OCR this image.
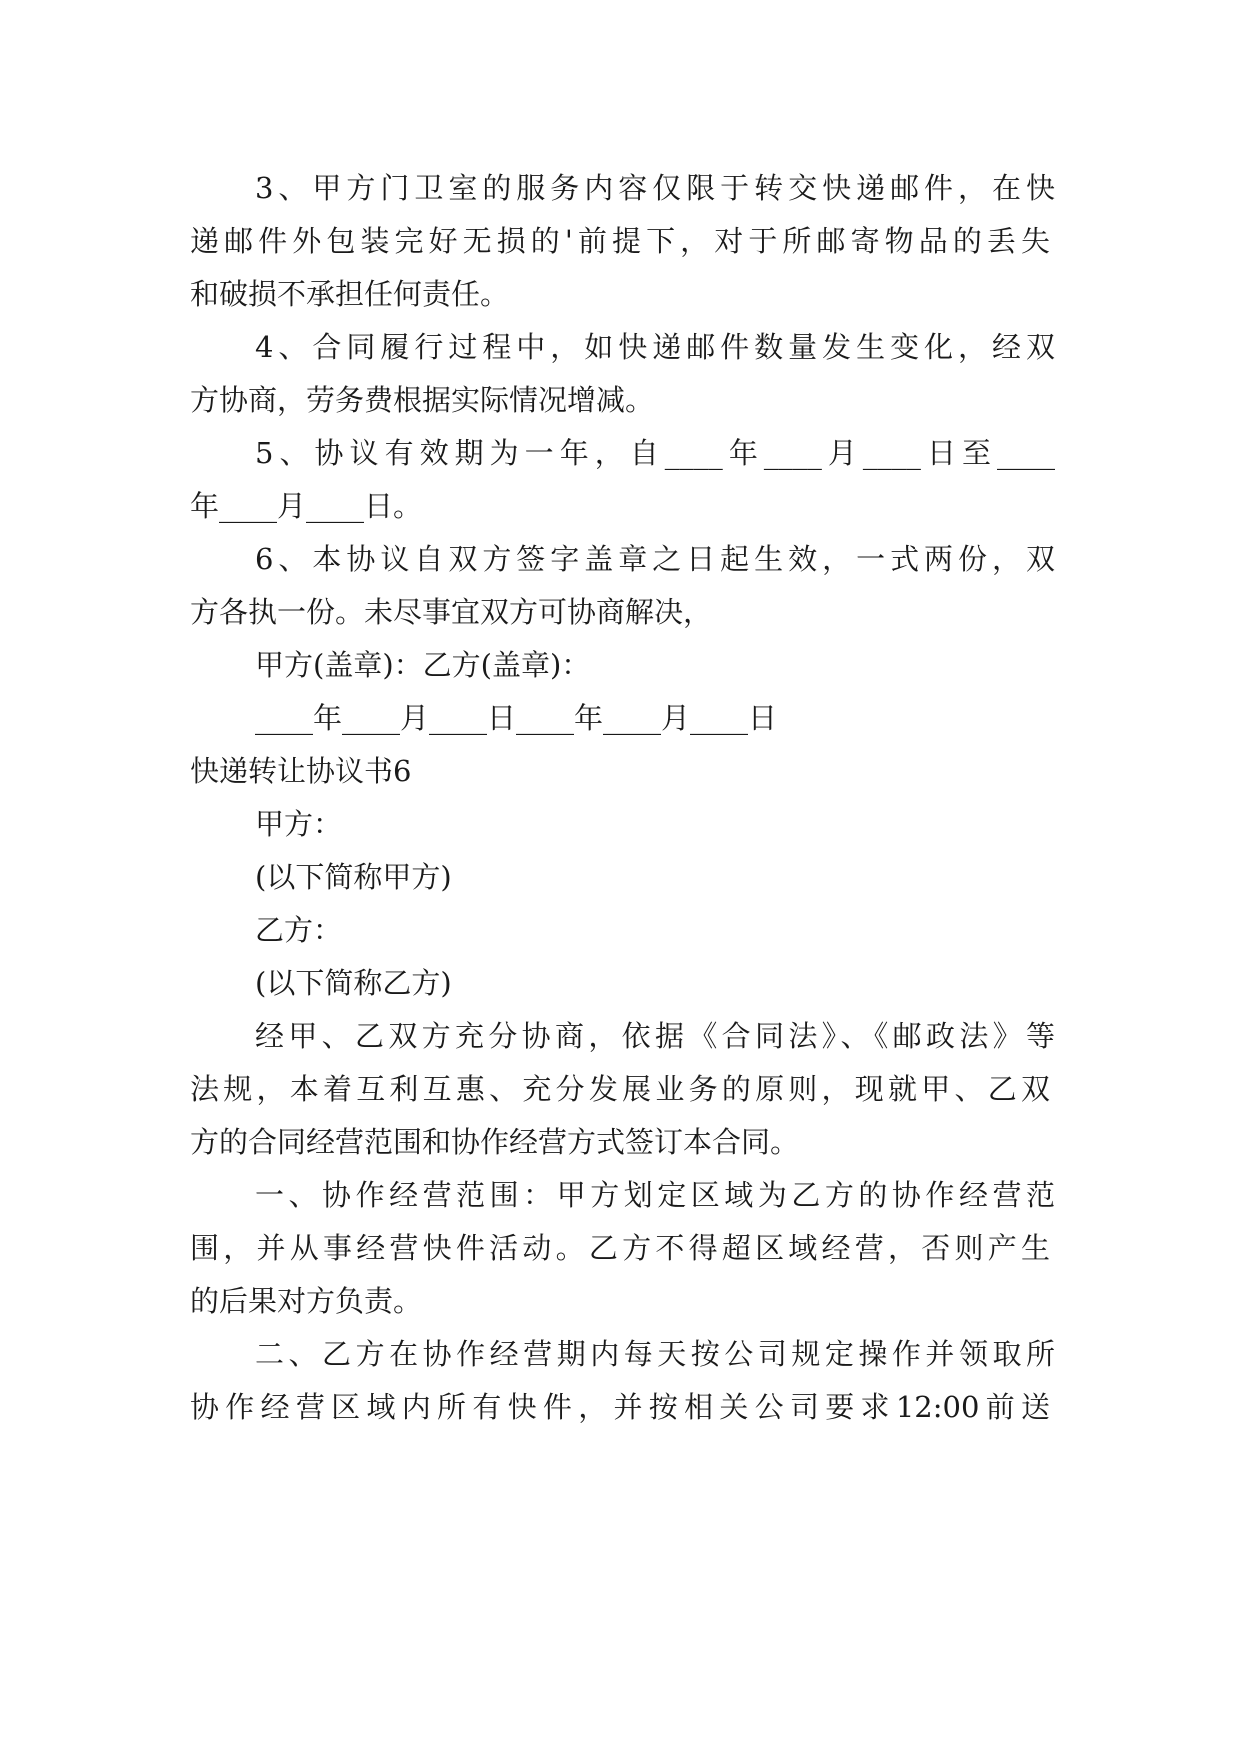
3、甲方门卫室的服务内容仅限于转交快递邮件，在快
递邮件外包装完好无损的'前提下，对于所邮寄物品的丢失
和破损不承担任何责任。
4、合同履行过程中，如快递邮件数量发生变化，经双
方协商，劳务费根据实际情况增减。
5、协议有效期为一年，自____年____月____日至____
年____月____日。
6、本协议自双方签字盖章之日起生效，一式两份，双
方各执一份。未尽事宜双方可协商解决，
甲方(盖章)：乙方(盖章)：
____年____月____日____年____月____日
快递转让协议书6
甲方：
(以下简称甲方)
乙方：
(以下简称乙方)
经甲、乙双方充分协商，依据《合同法》、《邮政法》等
法规，本着互利互惠、充分发展业务的原则，现就甲、乙双
方的合同经营范围和协作经营方式签订本合同。
一、协作经营范围：甲方划定区域为乙方的协作经营范
围，并从事经营快件活动。乙方不得超区域经营，否则产生
的后果对方负责。
二、乙方在协作经营期内每天按公司规定操作并领取所
协作经营区域内所有快件，并按相关公司要求12:00前送
